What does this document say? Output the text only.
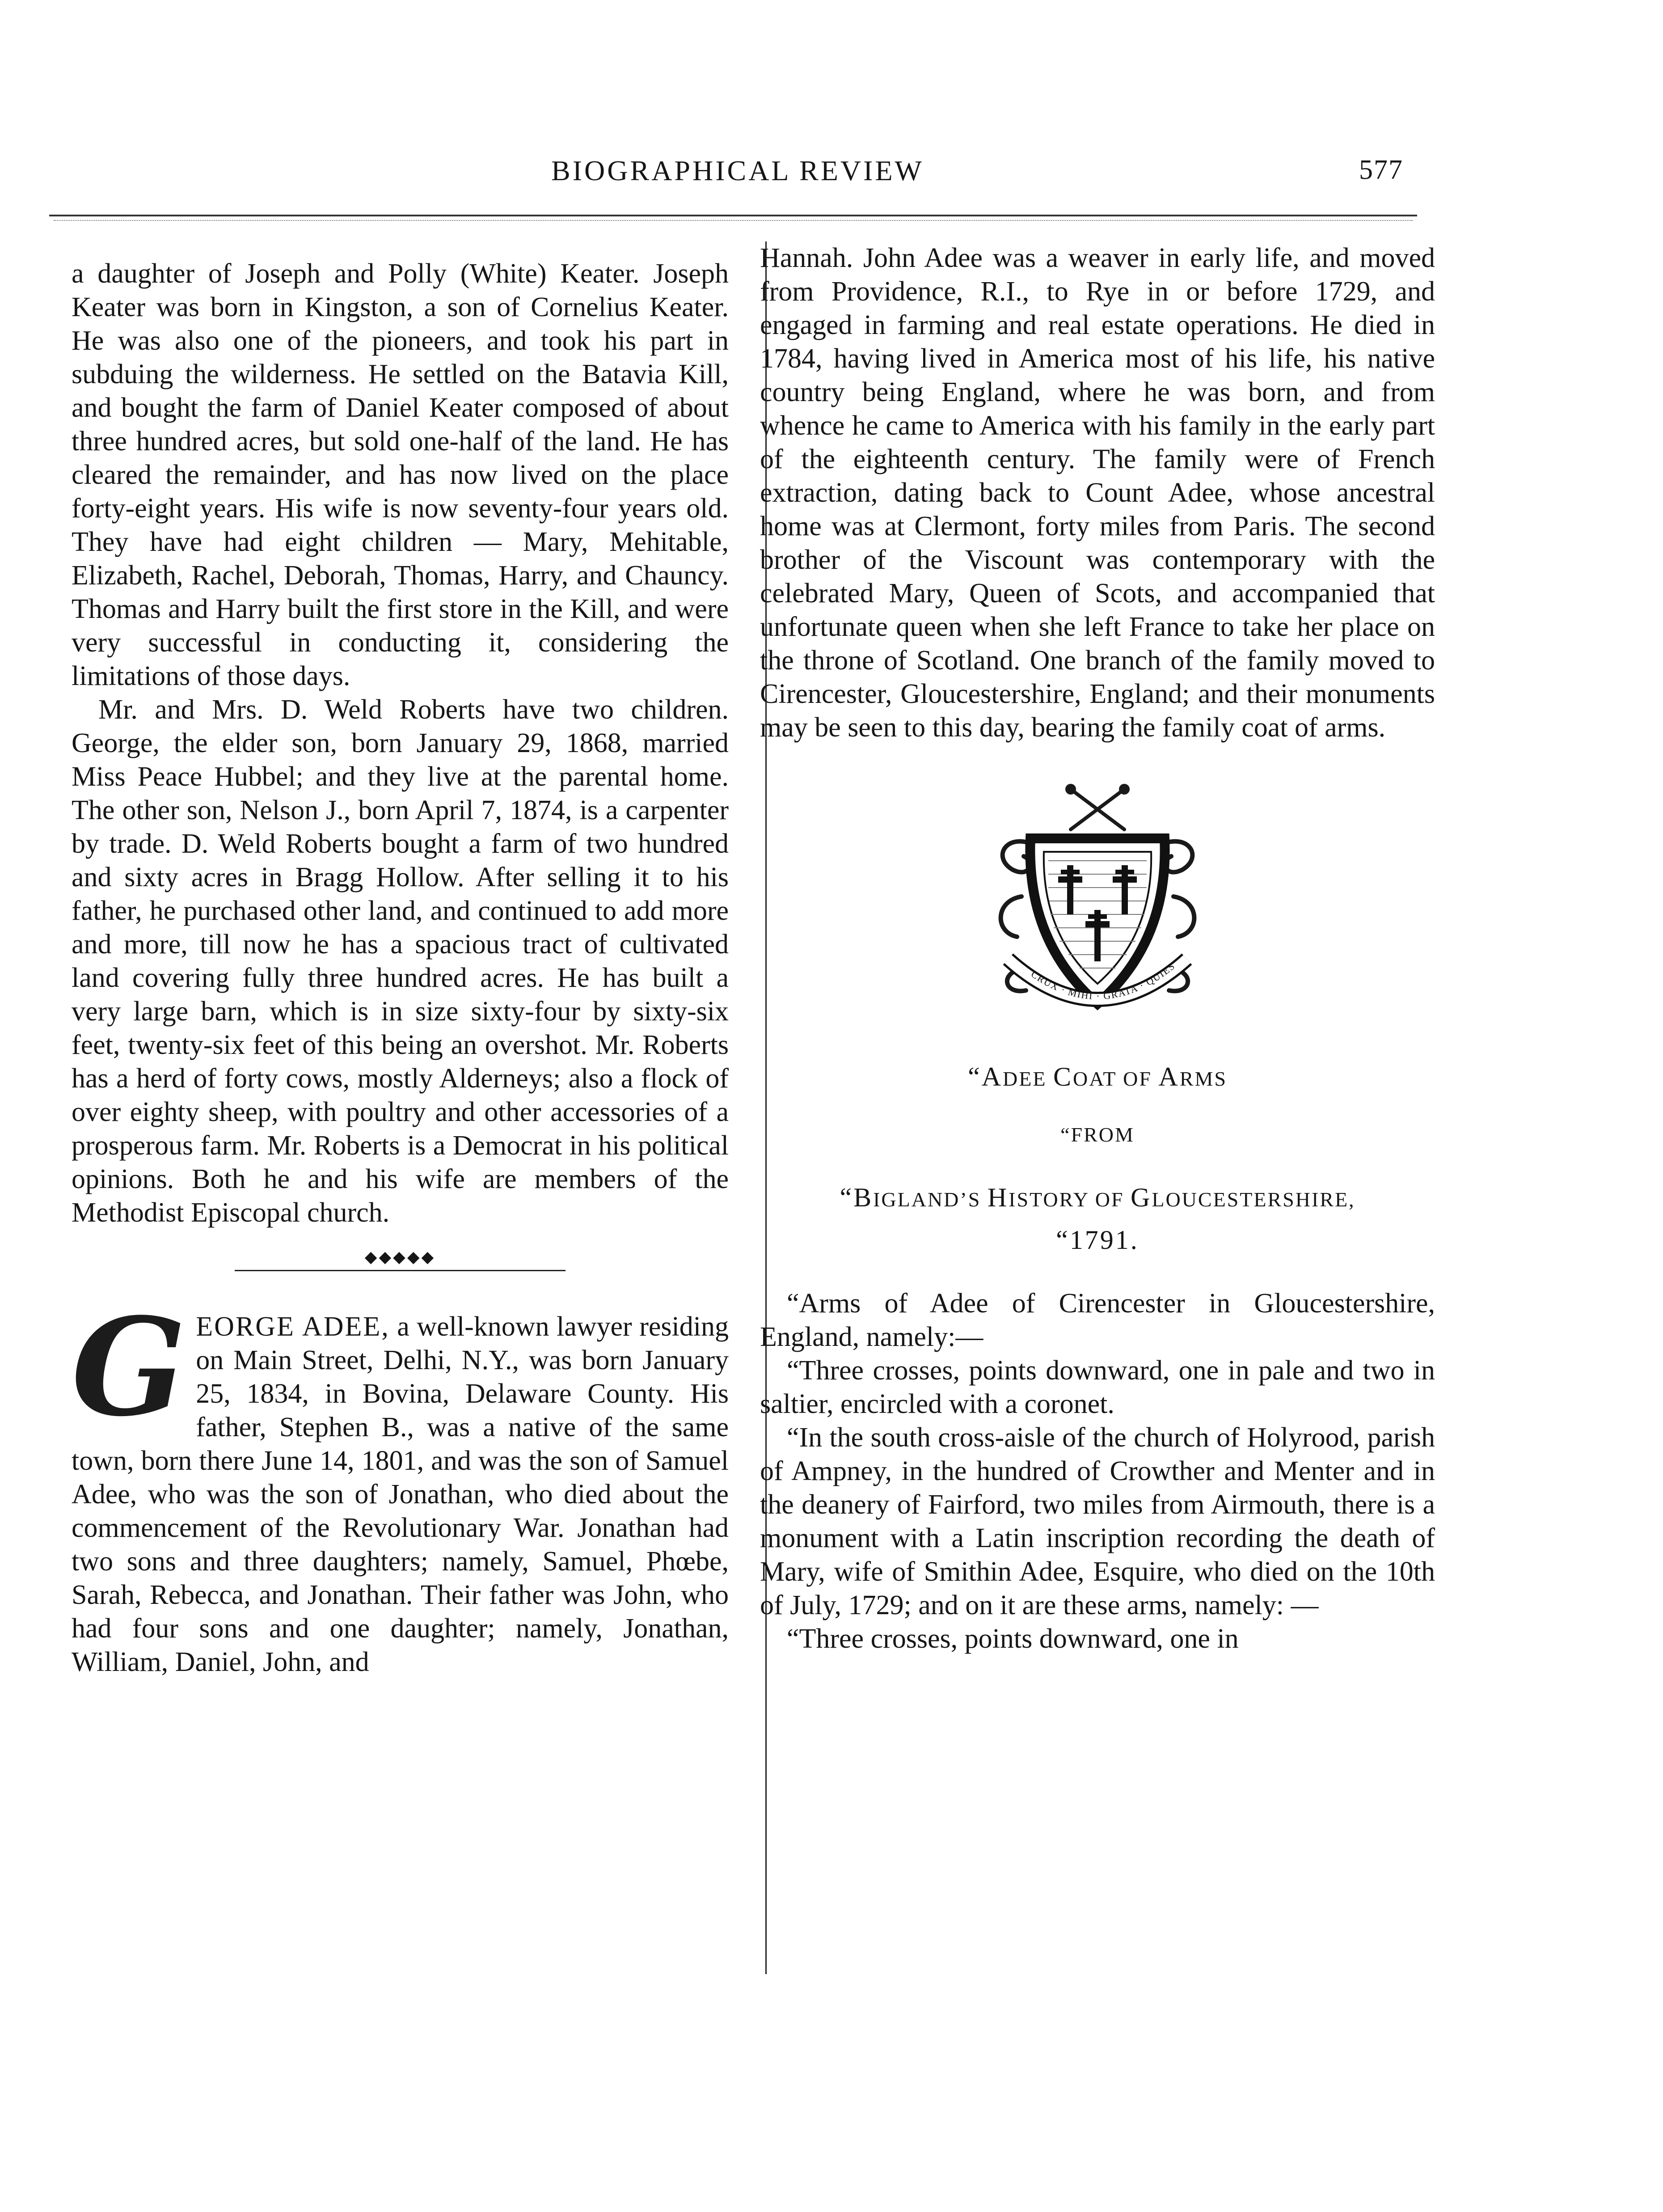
BIOGRAPHICAL REVIEW	577

a daughter of Joseph and Polly (White) Keater. Joseph Keater was born in Kingston, a son of Cornelius Keater. He was also one of the pioneers, and took his part in subduing the wilderness. He settled on the Batavia Kill, and bought the farm of Daniel Keater composed of about three hundred acres, but sold one-half of the land. He has cleared the remainder, and has now lived on the place forty-eight years. His wife is now seventy-four years old. They have had eight children — Mary, Mehitable, Elizabeth, Rachel, Deborah, Thomas, Harry, and Chauncy. Thomas and Harry built the first store in the Kill, and were very successful in conducting it, considering the limitations of those days.

Mr. and Mrs. D. Weld Roberts have two children. George, the elder son, born January 29, 1868, married Miss Peace Hubbel; and they live at the parental home. The other son, Nelson J., born April 7, 1874, is a carpenter by trade. D. Weld Roberts bought a farm of two hundred and sixty acres in Bragg Hollow. After selling it to his father, he purchased other land, and continued to add more and more, till now he has a spacious tract of cultivated land covering fully three hundred acres. He has built a very large barn, which is in size sixty-four by sixty-six feet, twenty-six feet of this being an overshot. Mr. Roberts has a herd of forty cows, mostly Alderneys; also a flock of over eighty sheep, with poultry and other accessories of a prosperous farm. Mr. Roberts is a Democrat in his political opinions. Both he and his wife are members of the Methodist Episcopal church.

◆◆◆◆◆

GEORGE ADEE, a well-known lawyer residing on Main Street, Delhi, N.Y., was born January 25, 1834, in Bovina, Delaware County. His father, Stephen B., was a native of the same town, born there June 14, 1801, and was the son of Samuel Adee, who was the son of Jonathan, who died about the commencement of the Revolutionary War. Jonathan had two sons and three daughters; namely, Samuel, Phœbe, Sarah, Rebecca, and Jonathan. Their father was John, who had four sons and one daughter; namely, Jonathan, William, Daniel, John, and

Hannah. John Adee was a weaver in early life, and moved from Providence, R.I., to Rye in or before 1729, and engaged in farming and real estate operations. He died in 1784, having lived in America most of his life, his native country being England, where he was born, and from whence he came to America with his family in the early part of the eighteenth century. The family were of French extraction, dating back to Count Adee, whose ancestral home was at Clermont, forty miles from Paris. The second brother of the Viscount was contemporary with the celebrated Mary, Queen of Scots, and accompanied that unfortunate queen when she left France to take her place on the throne of Scotland. One branch of the family moved to Cirencester, Gloucestershire, England; and their monuments may be seen to this day, bearing the family coat of arms.

CRUX · MIHI · GRATA · QUIES
“ADEE COAT OF ARMS
“FROM
“BIGLAND’S HISTORY OF GLOUCESTERSHIRE,
“1791.

“Arms of Adee of Cirencester in Gloucestershire, England, namely:—

“Three crosses, points downward, one in pale and two in saltier, encircled with a coronet.

“In the south cross-aisle of the church of Holyrood, parish of Ampney, in the hundred of Crowther and Menter and in the deanery of Fairford, two miles from Airmouth, there is a monument with a Latin inscription recording the death of Mary, wife of Smithin Adee, Esquire, who died on the 10th of July, 1729; and on it are these arms, namely: —

“Three crosses, points downward, one in
